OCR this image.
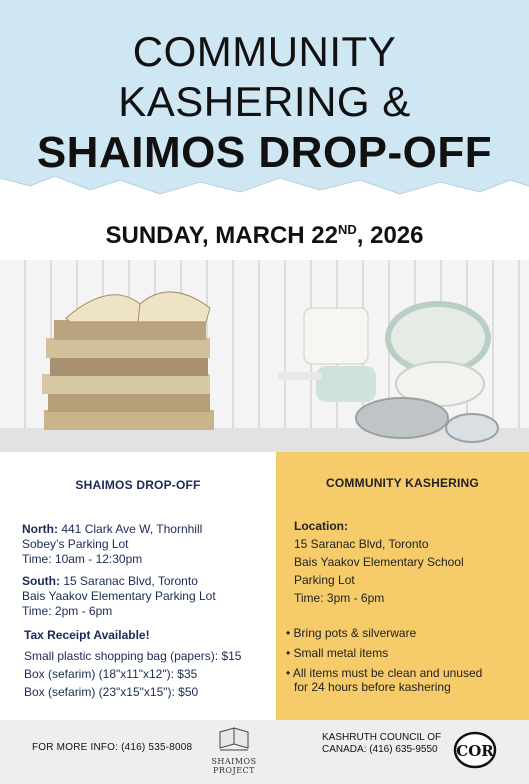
COMMUNITY
KASHERING &
SHAIMOS DROP-OFF
SUNDAY, MARCH 22ND, 2026
SHAIMOS DROP-OFF
North: 441 Clark Ave W, Thornhill
Sobey’s Parking Lot
Time: 10am - 12:30pm
South: 15 Saranac Blvd, Toronto
Bais Yaakov Elementary Parking Lot
Time: 2pm - 6pm
Tax Receipt Available!
Small plastic shopping bag (papers): $15
Box (sefarim) (18"x11"x12"): $35
Box (sefarim) (23"x15"x15"): $50
COMMUNITY KASHERING
Location:
15 Saranac Blvd, Toronto
Bais Yaakov Elementary School
Parking Lot
Time: 3pm - 6pm
• Bring pots & silverware
• Small metal items
• All items must be clean and unused
for 24 hours before kashering
FOR MORE INFO: (416) 535-8008
SHAIMOS
PROJECT
KASHRUTH COUNCIL OF
CANADA: (416) 635-9550 COR
